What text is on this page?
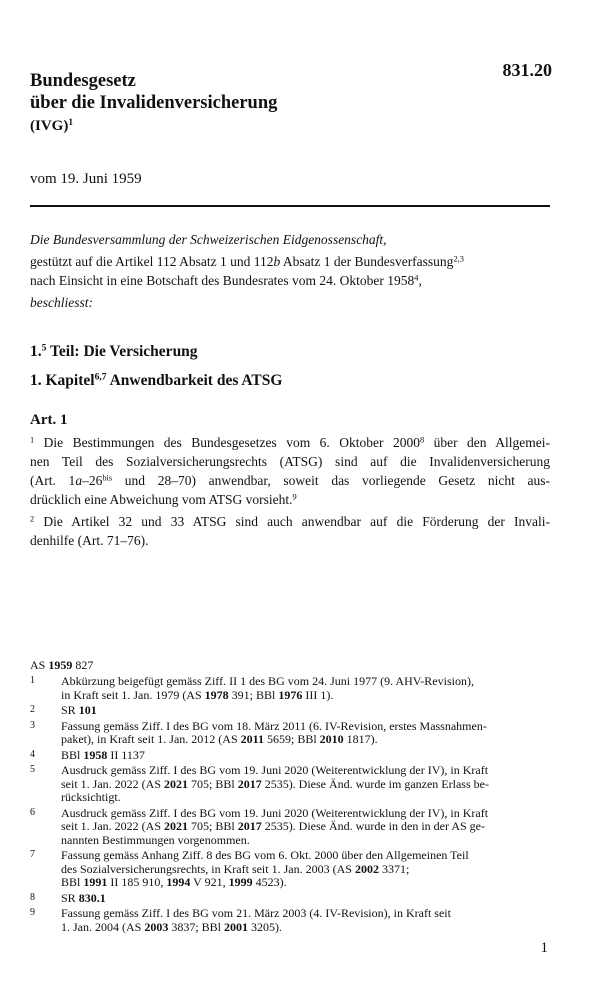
831.20
Bundesgesetz
über die Invalidenversicherung
(IVG)$^1$
vom 19. Juni 1959

Die Bundesversammlung der Schweizerischen Eidgenossenschaft,

gestützt auf die Artikel 112 Absatz 1 und 112b Absatz 1 der Bundesverfassung$^{2,3}$

nach Einsicht in eine Botschaft des Bundesrates vom 24. Oktober 1958$^4$,

beschliesst:

1.$^5$ Teil: Die Versicherung
1. Kapitel$^{6,7}$ Anwendbarkeit des ATSG
Art. 1
$^1$ Die Bestimmungen des Bundesgesetzes vom 6. Oktober 2000$^8$ über den Allgemei-
nen Teil des Sozialversicherungsrechts (ATSG) sind auf die Invalidenversicherung
(Art. $1a-26^{bis}$ und 28–70) anwendbar, soweit das vorliegende Gesetz nicht aus-
drücklich eine Abweichung vom ATSG vorsieht.$^9$
$^2$ Die Artikel 32 und 33 ATSG sind auch anwendbar auf die Förderung der Invali-
denhilfe (Art. 71–76).
AS 1959 827
1 Abkürzung beigefügt gemäss Ziff. II 1 des BG vom 24. Juni 1977 (9. AHV-Revision),
in Kraft seit 1. Jan. 1979 (AS 1978 391; BBl 1976 III 1).
2 SR 101
3 Fassung gemäss Ziff. I des BG vom 18. März 2011 (6. IV-Revision, erstes Massnahmen-
paket), in Kraft seit 1. Jan. 2012 (AS 2011 5659; BBl 2010 1817).
4 BBl 1958 II 1137
5 Ausdruck gemäss Ziff. I des BG vom 19. Juni 2020 (Weiterentwicklung der IV), in Kraft
seit 1. Jan. 2022 (AS 2021 705; BBl 2017 2535). Diese Änd. wurde im ganzen Erlass be-
rücksichtigt.
6 Ausdruck gemäss Ziff. I des BG vom 19. Juni 2020 (Weiterentwicklung der IV), in Kraft
seit 1. Jan. 2022 (AS 2021 705; BBl 2017 2535). Diese Änd. wurde in den in der AS ge-
nannten Bestimmungen vorgenommen.
7 Fassung gemäss Anhang Ziff. 8 des BG vom 6. Okt. 2000 über den Allgemeinen Teil
des Sozialversicherungsrechts, in Kraft seit 1. Jan. 2003 (AS 2002 3371;
BBl 1991 II 185 910, 1994 V 921, 1999 4523).
8 SR 830.1
9 Fassung gemäss Ziff. I des BG vom 21. März 2003 (4. IV-Revision), in Kraft seit
1. Jan. 2004 (AS 2003 3837; BBl 2001 3205).
1
